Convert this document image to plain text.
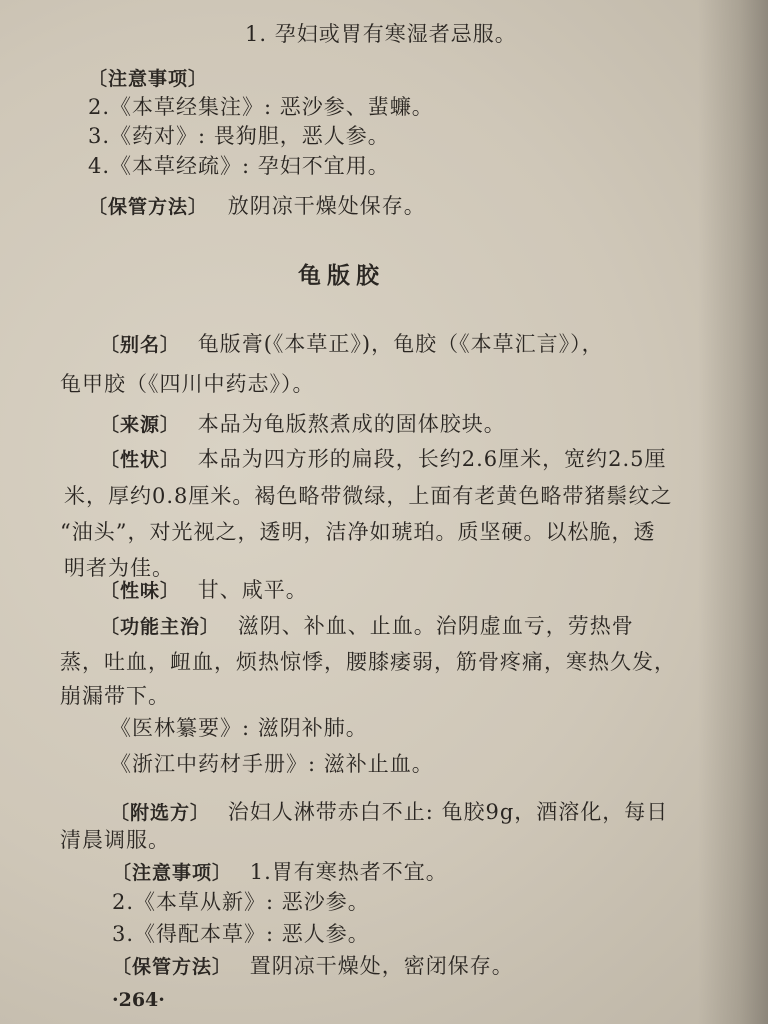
1. 孕妇或胃有寒湿者忌服。
〔注意事项〕
2.《本草经集注》: 恶沙参、蜚蠊。
3.《药对》: 畏狗胆，恶人参。
4.《本草经疏》: 孕妇不宜用。
〔保管方法〕 放阴凉干燥处保存。
龟版胶
〔别名〕 龟版膏(《本草正》)，龟胶（《本草汇言》），
龟甲胶（《四川中药志》）。
〔来源〕 本品为龟版熬煮成的固体胶块。
〔性状〕 本品为四方形的扁段，长约2.6厘米，宽约2.5厘
米，厚约0.8厘米。褐色略带微绿，上面有老黄色略带猪鬃纹之
“油头”，对光视之，透明，洁净如琥珀。质坚硬。以松脆，透
明者为佳。
〔性味〕 甘、咸平。
〔功能主治〕 滋阴、补血、止血。治阴虚血亏，劳热骨
蒸，吐血，衄血，烦热惊悸，腰膝痿弱，筋骨疼痛，寒热久发，
崩漏带下。
《医林纂要》: 滋阴补肺。
《浙江中药材手册》: 滋补止血。
〔附选方〕 治妇人淋带赤白不止: 龟胶9g，酒溶化，每日
清晨调服。
〔注意事项〕 1.胃有寒热者不宜。
2.《本草从新》: 恶沙参。
3.《得配本草》: 恶人参。
〔保管方法〕 置阴凉干燥处，密闭保存。
·264·
